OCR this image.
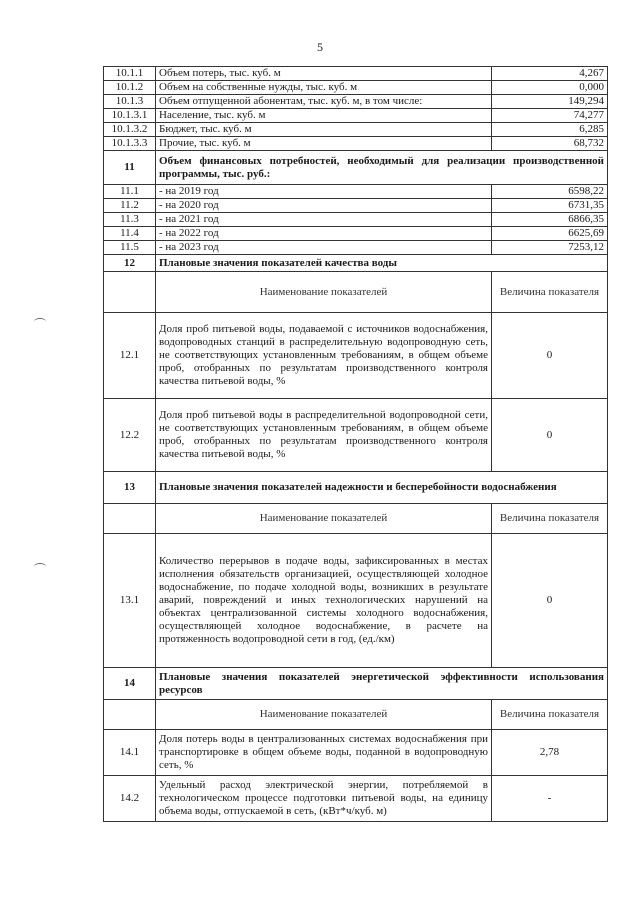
5
10.1.1	Объем потерь, тыс. куб. м	4,267
10.1.2	Объем на собственные нужды, тыс. куб. м	0,000
10.1.3	Объем отпущенной абонентам, тыс. куб. м, в том числе:	149,294
10.1.3.1	Население, тыс. куб. м	74,277
10.1.3.2	Бюджет, тыс. куб. м	6,285
10.1.3.3	Прочие, тыс. куб. м	68,732
11	Объем финансовых потребностей, необходимый для реализации производственной программы, тыс. руб.:	
11.1	- на 2019 год	6598,22
11.2	- на 2020 год	6731,35
11.3	- на 2021 год	6866,35
11.4	- на 2022 год	6625,69
11.5	- на 2023 год	7253,12
12	Плановые значения показателей качества воды	
	Наименование показателей	Величина показателя
12.1	Доля проб питьевой воды, подаваемой с источников водоснабжения, водопроводных станций в распределительную водопроводную сеть, не соответствующих установленным требованиям, в общем объеме проб, отобранных по результатам производственного контроля качества питьевой воды, %	0
12.2	Доля проб питьевой воды в распределительной водопроводной сети, не соответствующих установленным требованиям, в общем объеме проб, отобранных по результатам производственного контроля качества питьевой воды, %	0
13	Плановые значения показателей надежности и бесперебойности водоснабжения	
	Наименование показателей	Величина показателя
13.1	Количество перерывов в подаче воды, зафиксированных в местах исполнения обязательств организацией, осуществляющей холодное водоснабжение, по подаче холодной воды, возникших в результате аварий, повреждений и иных технологических нарушений на объектах централизованной системы холодного водоснабжения, осуществляющей холодное водоснабжение, в расчете на протяженность водопроводной сети в год, (ед./км)	0
14	Плановые значения показателей энергетической эффективности использования ресурсов	
	Наименование показателей	Величина показателя
14.1	Доля потерь воды в централизованных системах водоснабжения при транспортировке в общем объеме воды, поданной в водопроводную сеть, %	2,78
14.2	Удельный расход электрической энергии, потребляемой в технологическом процессе подготовки питьевой воды, на единицу объема воды, отпускаемой в сеть, (кВт*ч/куб. м)	-
